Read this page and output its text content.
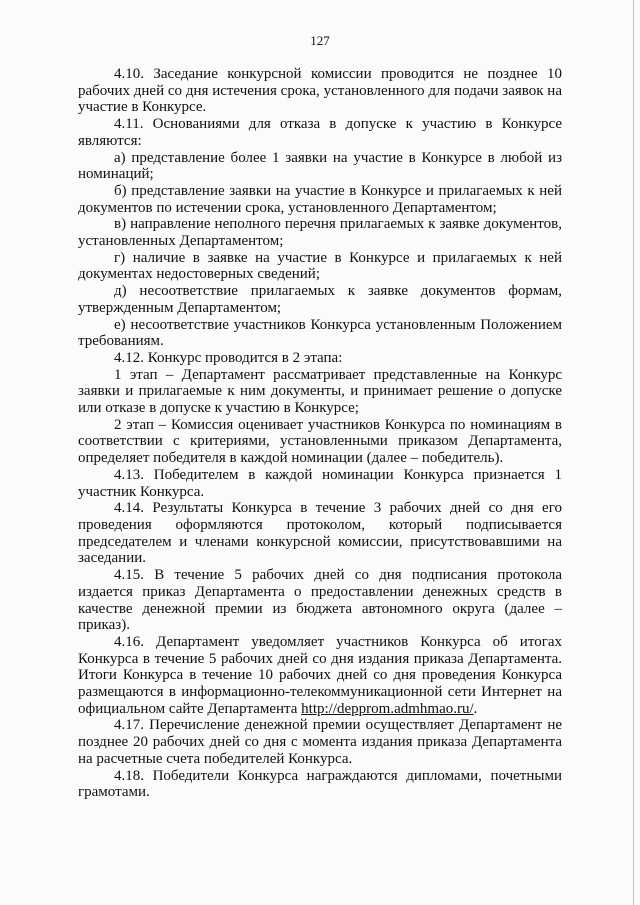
127

4.10. Заседание конкурсной комиссии проводится не позднее 10 рабочих дней со дня истечения срока, установленного для подачи заявок на участие в Конкурсе.

4.11. Основаниями для отказа в допуске к участию в Конкурсе являются:

а) представление более 1 заявки на участие в Конкурсе в любой из номинаций;

б) представление заявки на участие в Конкурсе и прилагаемых к ней документов по истечении срока, установленного Департаментом;

в) направление неполного перечня прилагаемых к заявке документов, установленных Департаментом;

г) наличие в заявке на участие в Конкурсе и прилагаемых к ней документах недостоверных сведений;

д) несоответствие прилагаемых к заявке документов формам, утвержденным Департаментом;

е) несоответствие участников Конкурса установленным Положением требованиям.

4.12. Конкурс проводится в 2 этапа:

1 этап – Департамент рассматривает представленные на Конкурс заявки и прилагаемые к ним документы, и принимает решение о допуске или отказе в допуске к участию в Конкурсе;

2 этап – Комиссия оценивает участников Конкурса по номинациям в соответствии с критериями, установленными приказом Департамента, определяет победителя в каждой номинации (далее – победитель).

4.13. Победителем в каждой номинации Конкурса признается 1 участник Конкурса.

4.14. Результаты Конкурса в течение 3 рабочих дней со дня его проведения оформляются протоколом, который подписывается председателем и членами конкурсной комиссии, присутствовавшими на заседании.

4.15. В течение 5 рабочих дней со дня подписания протокола издается приказ Департамента о предоставлении денежных средств в качестве денежной премии из бюджета автономного округа (далее – приказ).

4.16. Департамент уведомляет участников Конкурса об итогах Конкурса в течение 5 рабочих дней со дня издания приказа Департамента. Итоги Конкурса в течение 10 рабочих дней со дня проведения Конкурса размещаются в информационно-телекоммуникационной сети Интернет на официальном сайте Департамента http://depprom.admhmao.ru/.

4.17. Перечисление денежной премии осуществляет Департамент не позднее 20 рабочих дней со дня с момента издания приказа Департамента на расчетные счета победителей Конкурса.

4.18. Победители Конкурса награждаются дипломами, почетными грамотами.
